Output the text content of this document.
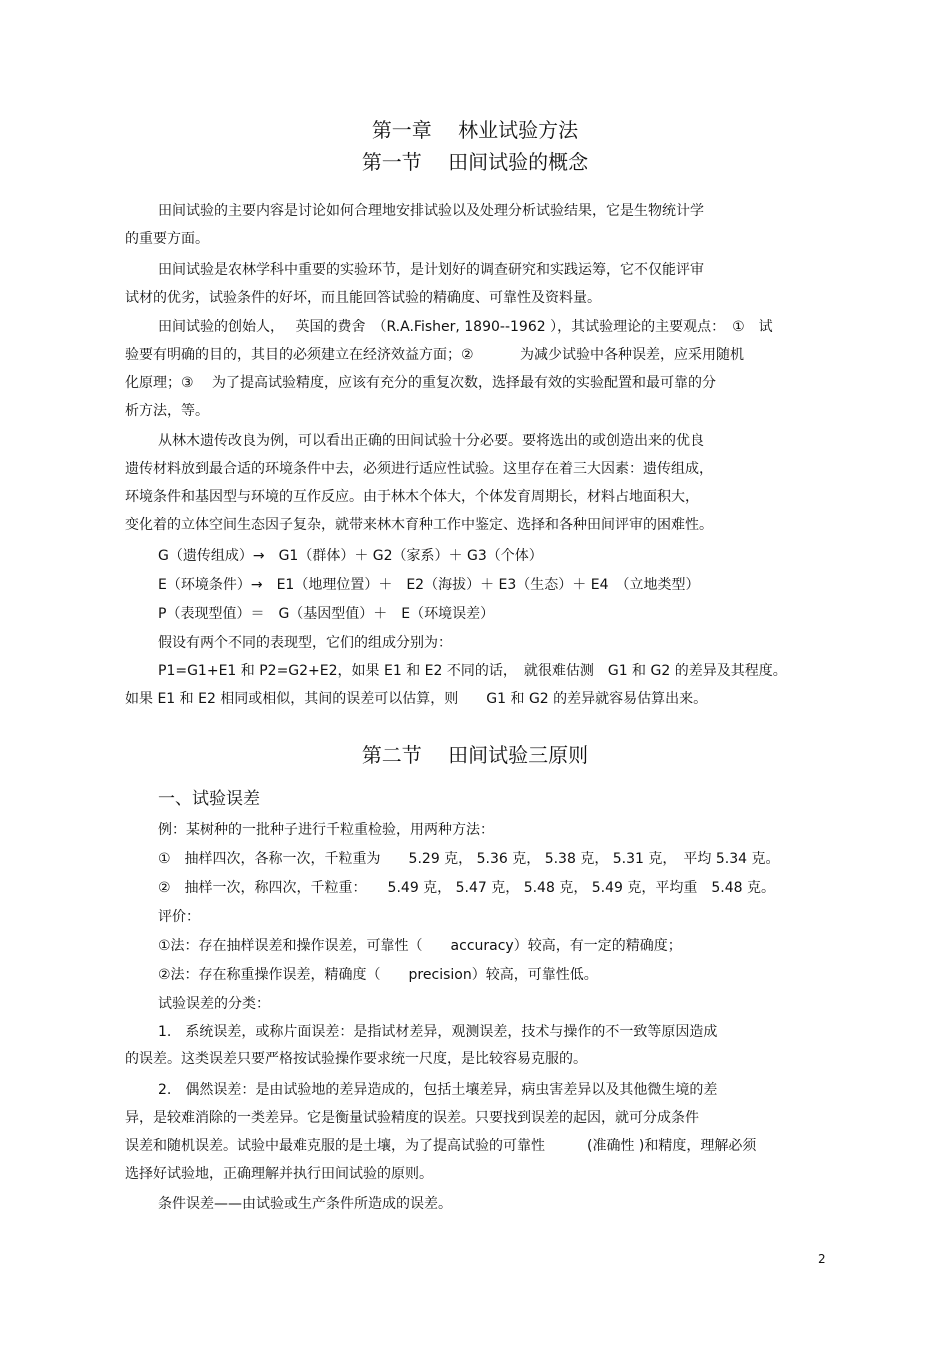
第一章　 林业试验方法
第一节　 田间试验的概念
田间试验的主要内容是讨论如何合理地安排试验以及处理分析试验结果，它是生物统计学
的重要方面。
田间试验是农林学科中重要的实验环节，是计划好的调查研究和实践运筹，它不仅能评审
试材的优劣，试验条件的好坏，而且能回答试验的精确度、可靠性及资料量。
田间试验的创始人，　 英国的费舍　（R.A.Fisher, 1890--1962 ），其试验理论的主要观点：　①　试
验要有明确的目的，其目的必须建立在经济效益方面；②　　　 为减少试验中各种误差，应采用随机
化原理；③　 为了提高试验精度，应该有充分的重复次数，选择最有效的实验配置和最可靠的分
析方法，等。
从林木遗传改良为例，可以看出正确的田间试验十分必要。要将选出的或创造出来的优良
遗传材料放到最合适的环境条件中去，必须进行适应性试验。这里存在着三大因素：遗传组成，
环境条件和基因型与环境的互作反应。由于林木个体大，个体发育周期长，材料占地面积大，
变化着的立体空间生态因子复杂，就带来林木育种工作中鉴定、选择和各种田间评审的困难性。
G（遗传组成）→　G1（群体）＋ G2（家系）＋ G3（个体）
E（环境条件）→　E1（地理位置）＋　E2（海拔）＋ E3（生态）＋ E4　（立地类型）
P（表现型值）＝　G（基因型值）＋　E（环境误差）
假设有两个不同的表现型，它们的组成分别为：
P1=G1+E1 和 P2=G2+E2，如果 E1 和 E2 不同的话，　就很难估测　G1 和 G2 的差异及其程度。
如果 E1 和 E2 相同或相似，其间的误差可以估算，则　　G1 和 G2 的差异就容易估算出来。
第二节　 田间试验三原则
一、试验误差
例：某树种的一批种子进行千粒重检验，用两种方法：
①　抽样四次，各称一次，千粒重为　　5.29 克， 5.36 克， 5.38 克， 5.31 克，　平均 5.34 克。
②　抽样一次，称四次，千粒重：　　5.49 克， 5.47 克， 5.48 克， 5.49 克，平均重　5.48 克。
评价：
①法：存在抽样误差和操作误差，可靠性（　　accuracy）较高，有一定的精确度；
②法：存在称重操作误差，精确度（　　precision）较高，可靠性低。
试验误差的分类：
1.　系统误差，或称片面误差：是指试材差异，观测误差，技术与操作的不一致等原因造成
的误差。这类误差只要严格按试验操作要求统一尺度，是比较容易克服的。
2.　偶然误差：是由试验地的差异造成的，包括土壤差异，病虫害差异以及其他微生境的差
异，是较难消除的一类差异。它是衡量试验精度的误差。只要找到误差的起因，就可分成条件
误差和随机误差。试验中最难克服的是土壤，为了提高试验的可靠性　　　(准确性 )和精度，理解必须
选择好试验地，正确理解并执行田间试验的原则。
条件误差——由试验或生产条件所造成的误差。
2
